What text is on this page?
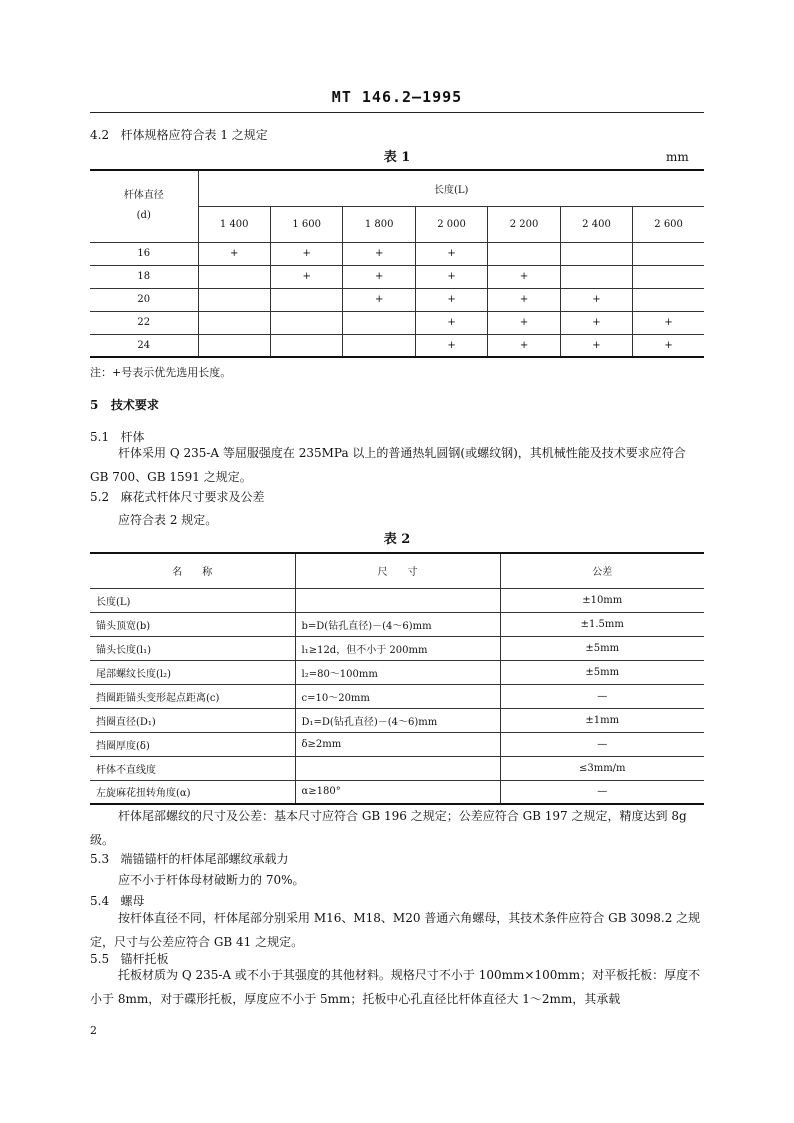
MT 146.2—1995
4.2 杆体规格应符合表 1 之规定
表 1	mm
杆体直径
(d)	长度(L)						
	1 400	1 600	1 800	2 000	2 200	2 400	2 600
16	+	+	+	+			
18		+	+	+	+		
20			+	+	+	+	
22				+	+	+	+
24				+	+	+	+
注：+号表示优先选用长度。
5 技术要求
5.1 杆体
杆体采用 Q 235-A 等屈服强度在 235MPa 以上的普通热轧圆钢(或螺纹钢)，其机械性能及技术要求应符合 GB 700、GB 1591 之规定。
5.2 麻花式杆体尺寸要求及公差
应符合表 2 规定。
表 2
名　　称	尺　　寸	公差
长度(L)		±10mm
锚头顶宽(b)	b=D(钻孔直径)－(4～6)mm	±1.5mm
锚头长度(l₁)	l₁≥12d，但不小于 200mm	±5mm
尾部螺纹长度(l₂)	l₂=80～100mm	±5mm
挡圈距锚头变形起点距离(c)	c=10～20mm	—
挡圈直径(D₁)	D₁=D(钻孔直径)－(4～6)mm	±1mm
挡圈厚度(δ)	δ≥2mm	—
杆体不直线度		≤3mm/m
左旋麻花扭转角度(α)	α≥180°	—
杆体尾部螺纹的尺寸及公差：基本尺寸应符合 GB 196 之规定；公差应符合 GB 197 之规定，精度达到 8g 级。
5.3 端锚锚杆的杆体尾部螺纹承载力
应不小于杆体母材破断力的 70%。
5.4 螺母
按杆体直径不同，杆体尾部分别采用 M16、M18、M20 普通六角螺母，其技术条件应符合 GB 3098.2 之规定，尺寸与公差应符合 GB 41 之规定。
5.5 锚杆托板
托板材质为 Q 235-A 或不小于其强度的其他材料。规格尺寸不小于 100mm×100mm；对平板托板：厚度不小于 8mm，对于碟形托板，厚度应不小于 5mm；托板中心孔直径比杆体直径大 1～2mm，其承载
2
